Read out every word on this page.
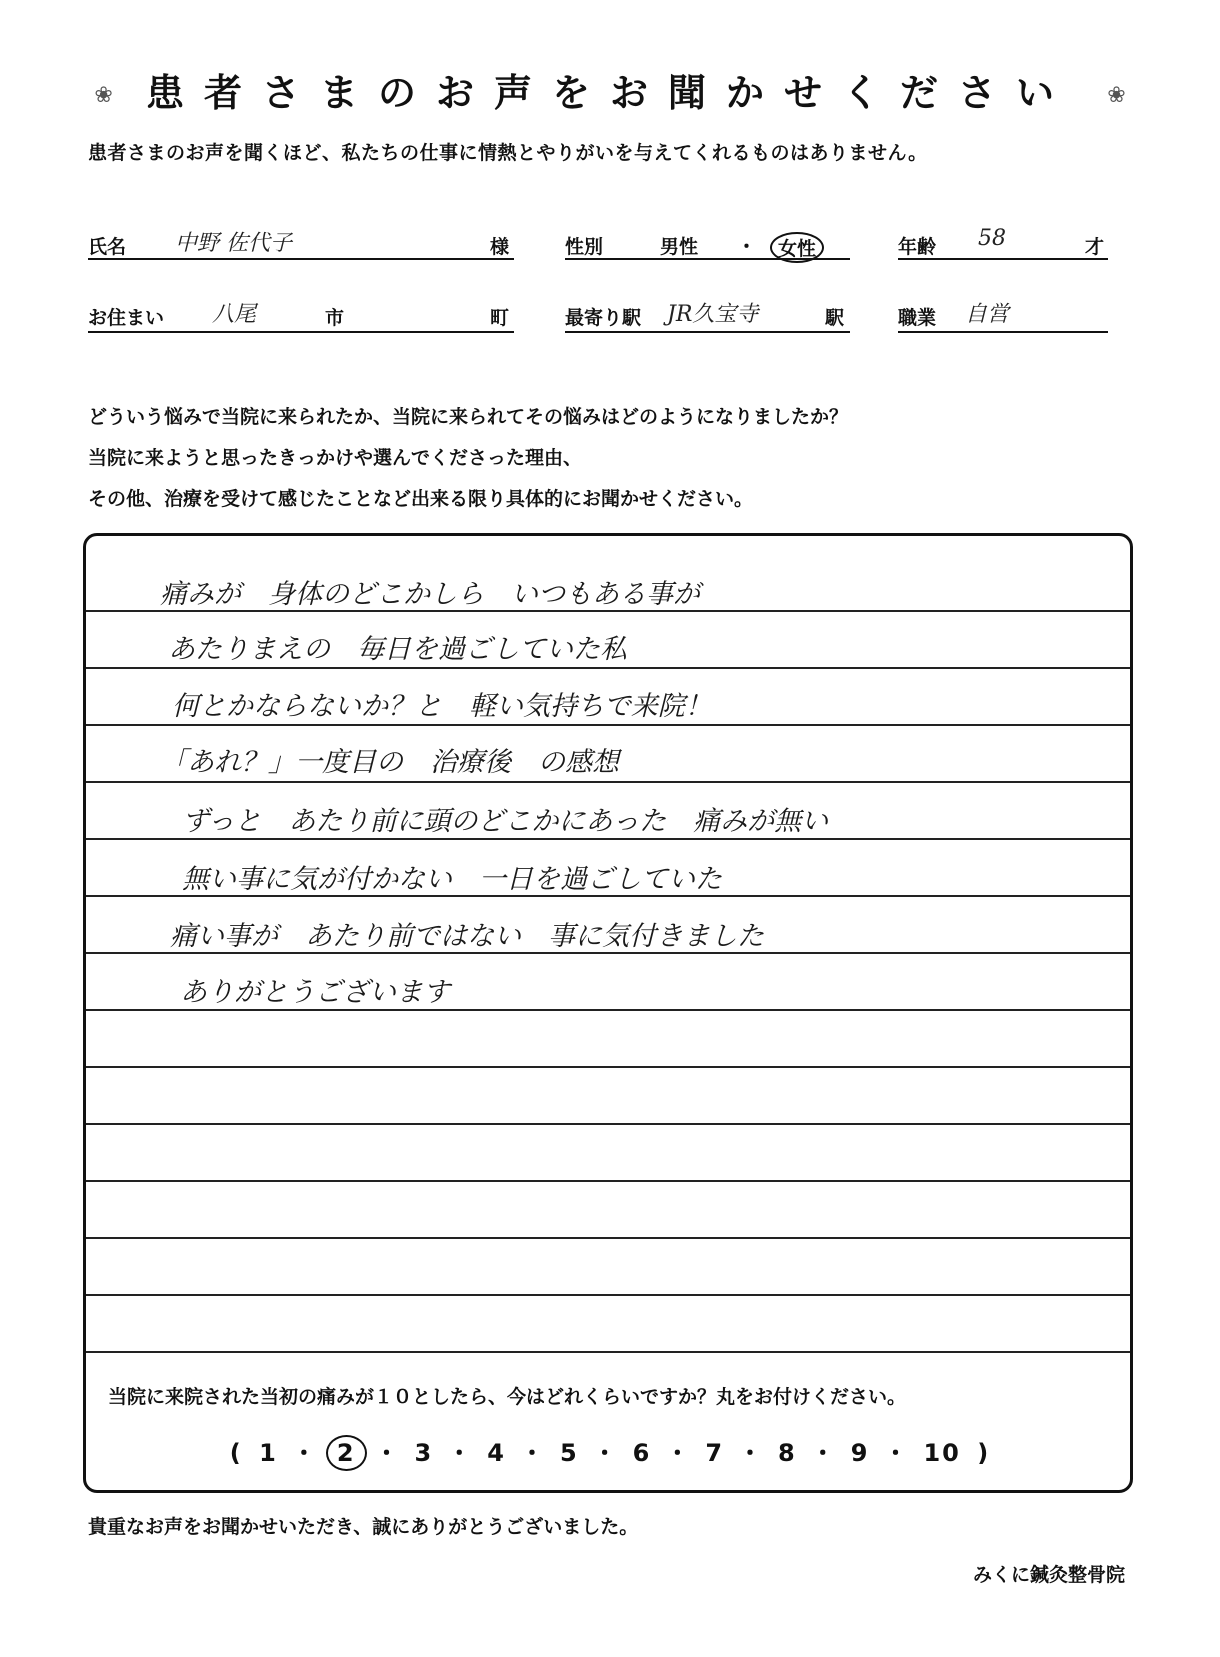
❀ 患者さまのお声をお聞かせください ❀
患者さまのお声を聞くほど、私たちの仕事に情熱とやりがいを与えてくれるものはありません。
氏名 中野 佐代子	様	性別	男性 ・	女性	年齢 58	才
お住まい 八尾	市	町	最寄り駅 JR久宝寺	駅	職業 自営
どういう悩みで当院に来られたか、当院に来られてその悩みはどのようになりましたか？
当院に来ようと思ったきっかけや選んでくださった理由、
その他、治療を受けて感じたことなど出来る限り具体的にお聞かせください。
痛みが　身体のどこかしら　いつもある事が
あたりまえの　毎日を過ごしていた私
何とかならないか？と　軽い気持ちで来院！
「あれ？」一度目の　治療後　の感想
ずっと　あたり前に頭のどこかにあった　痛みが無い
無い事に気が付かない　一日を過ごしていた
痛い事が　あたり前ではない　事に気付きました
ありがとうございます
当院に来院された当初の痛みが１０としたら、今はどれくらいですか？丸をお付けください。
( 1 ・ 2 ・ 3 ・ 4 ・ 5 ・ 6 ・ 7 ・ 8 ・ 9 ・ 10 )
貴重なお声をお聞かせいただき、誠にありがとうございました。
みくに鍼灸整骨院
